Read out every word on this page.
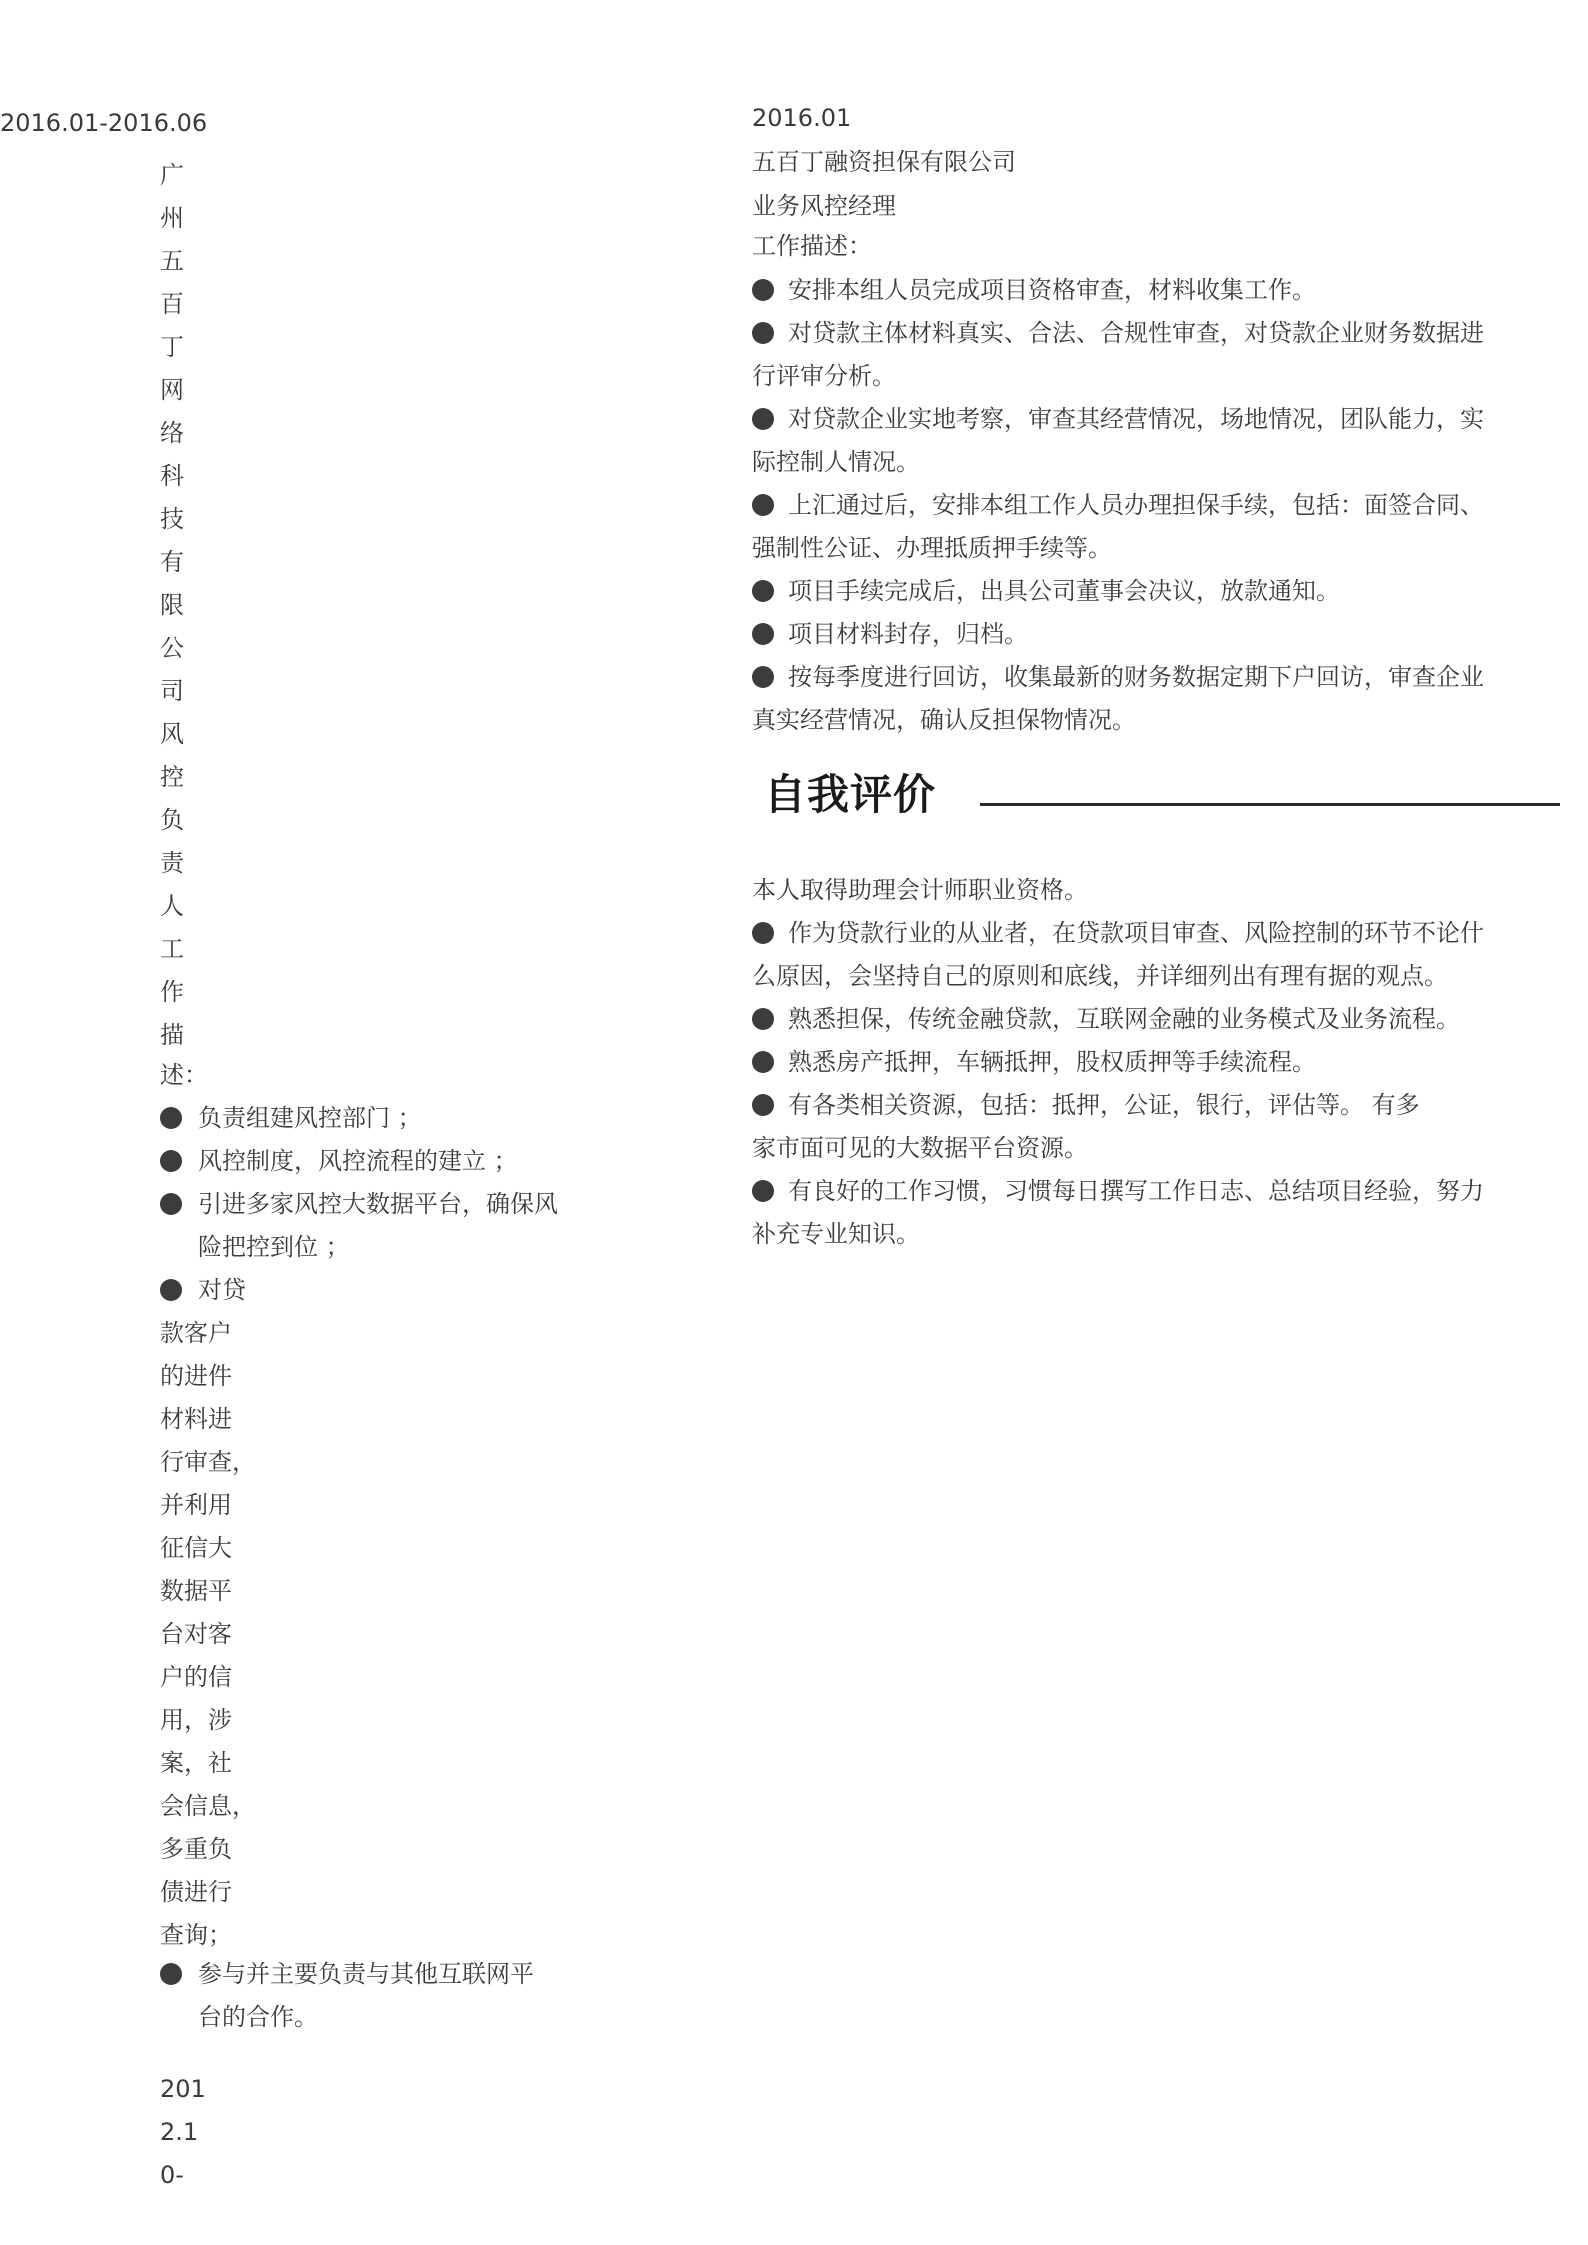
2016.01-2016.06
广
州
五
百
丁
网
络
科
技
有
限
公
司
风
控
负
责
人
工
作
描
述：
负责组建风控部门 ；
风控制度，风控流程的建立 ；
引进多家风控大数据平台，确保风
险把控到位 ；
对贷
款客户
的进件
材料进
行审查，
并利用
征信大
数据平
台对客
户的信
用，涉
案，社
会信息，
多重负
债进行
查询；
参与并主要负责与其他互联网平
台的合作。
201
2.1
0-
2016.01
五百丁融资担保有限公司
业务风控经理
工作描述：
安排本组人员完成项目资格审查，材料收集工作。
对贷款主体材料真实、合法、合规性审查，对贷款企业财务数据进
行评审分析。
对贷款企业实地考察，审查其经营情况，场地情况，团队能力，实
际控制人情况。
上汇通过后，安排本组工作人员办理担保手续，包括：面签合同、
强制性公证、办理抵质押手续等。
项目手续完成后，出具公司董事会决议，放款通知。
项目材料封存，归档。
按每季度进行回访，收集最新的财务数据定期下户回访，审查企业
真实经营情况，确认反担保物情况。
自我评价
本人取得助理会计师职业资格。
作为贷款行业的从业者，在贷款项目审查、风险控制的环节不论什
么原因，会坚持自己的原则和底线，并详细列出有理有据的观点。
熟悉担保，传统金融贷款，互联网金融的业务模式及业务流程。
熟悉房产抵押，车辆抵押，股权质押等手续流程。
有各类相关资源，包括：抵押，公证，银行，评估等。 有多
家市面可见的大数据平台资源。
有良好的工作习惯，习惯每日撰写工作日志、总结项目经验，努力
补充专业知识。
